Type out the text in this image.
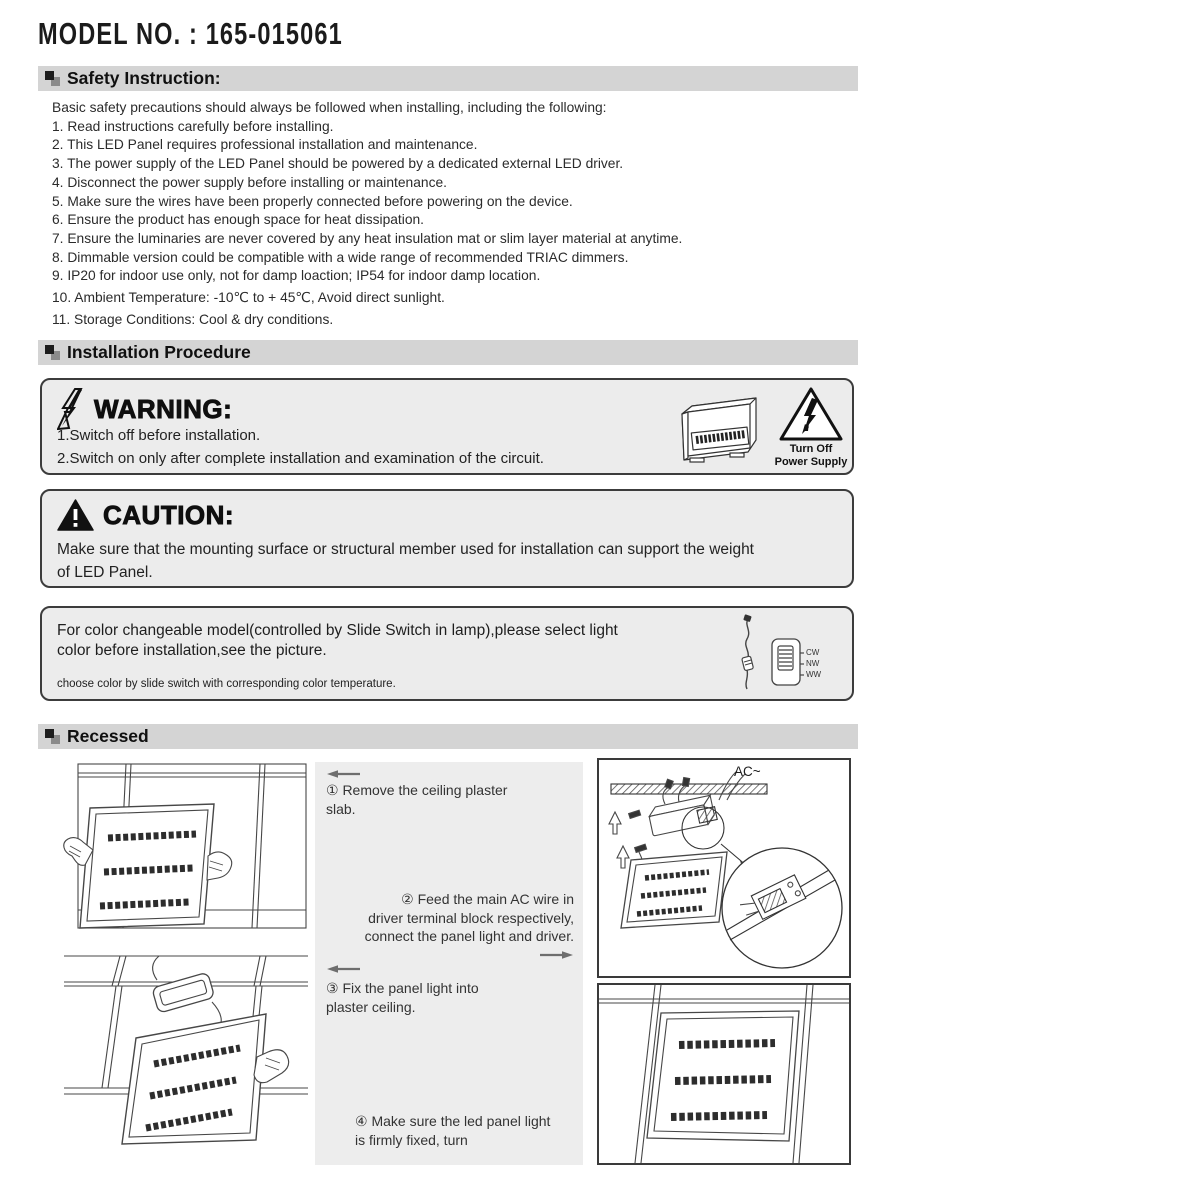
MODEL NO. : 165-015061
Safety Instruction:
Basic safety precautions should always be followed when installing, including the following:
1. Read instructions carefully before installing.
2. This LED Panel requires professional installation and maintenance.
3. The power supply of the LED Panel should be powered by a dedicated external LED driver.
4. Disconnect the power supply before installing or maintenance.
5. Make sure the wires have been properly connected before powering on the device.
6. Ensure the product has enough space for heat dissipation.
7. Ensure the luminaries are never covered by any heat insulation mat or slim layer material at anytime.
8. Dimmable version could be compatible with a wide range of recommended TRIAC dimmers.
9. IP20 for indoor use only, not for damp loaction; IP54 for indoor damp location.
10. Ambient Temperature: -10℃ to + 45℃, Avoid direct sunlight.
11. Storage Conditions: Cool & dry conditions.
Installation Procedure
WARNING:
1.Switch off before installation.
2.Switch on only after complete installation and examination of the circuit.
Turn Off
Power Supply
CAUTION:
Make sure that the mounting surface or structural member used for installation can support the weight
of LED Panel.
For color changeable model(controlled by Slide Switch in lamp),please select light
color before installation,see the picture.
choose color by slide switch with corresponding color temperature.
CW
NW
WW
Recessed
① Remove the ceiling plaster
slab.
② Feed the main AC wire in
driver terminal block respectively,
connect the panel light and driver.
③ Fix the panel light into
plaster ceiling.
④ Make sure the led panel light
is firmly fixed, turn
AC~
